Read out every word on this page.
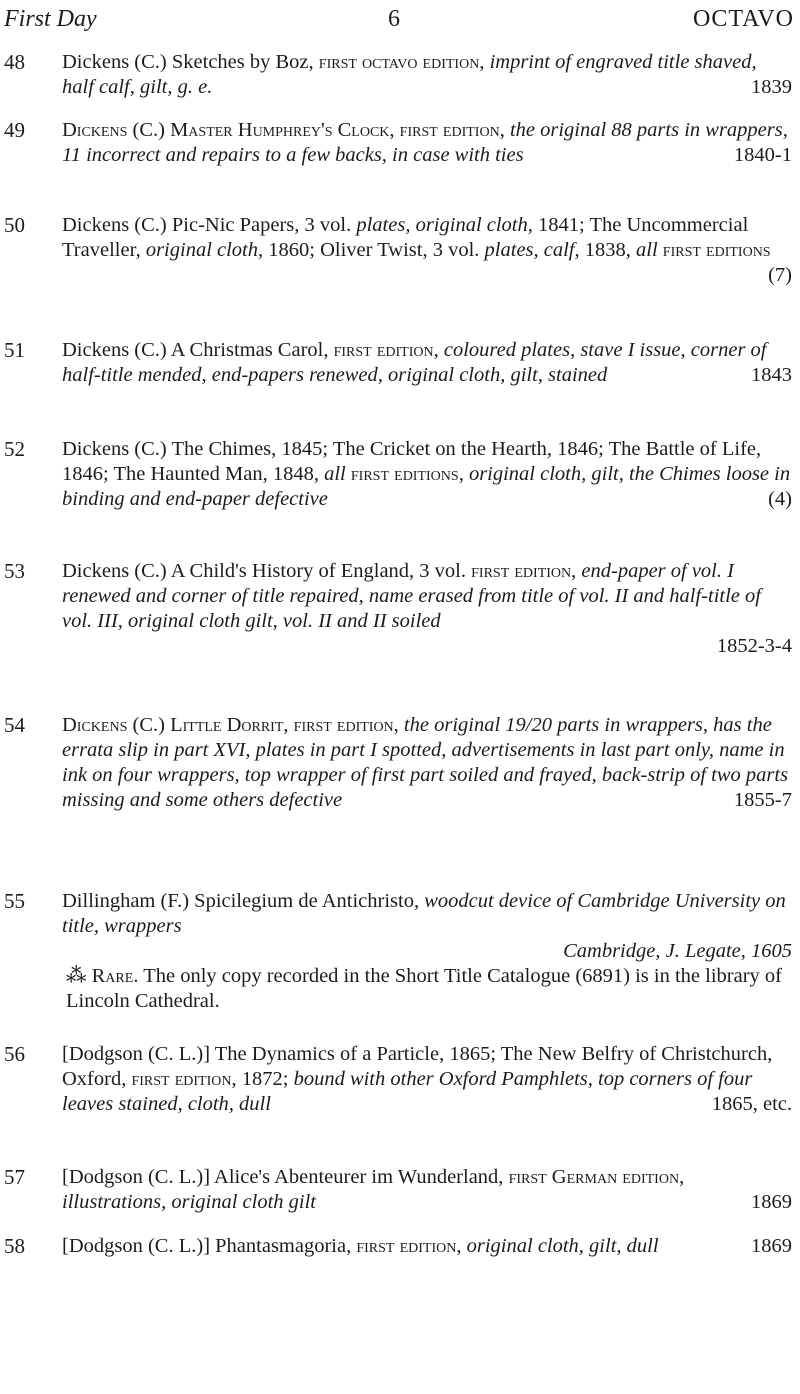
First Day	6	OCTAVO
48 Dickens (C.) Sketches by Boz, first octavo edition, imprint of engraved title shaved, half calf, gilt, g. e.	1839

49 Dickens (C.) Master Humphrey's Clock, first edition, the original 88 parts in wrappers, 11 incorrect and repairs to a few backs, in case with ties	1840-1

50 Dickens (C.) Pic-Nic Papers, 3 vol. plates, original cloth, 1841; The Uncommercial Traveller, original cloth, 1860; Oliver Twist, 3 vol. plates, calf, 1838, all first editions

(7)

51 Dickens (C.) A Christmas Carol, first edition, coloured plates, stave I issue, corner of half-title mended, end-papers renewed, original cloth, gilt, stained	1843

52 Dickens (C.) The Chimes, 1845; The Cricket on the Hearth, 1846; The Battle of Life, 1846; The Haunted Man, 1848, all first editions, original cloth, gilt, the Chimes loose in binding and end-paper defective	(4)

53 Dickens (C.) A Child's History of England, 3 vol. first edition, end-paper of vol. I renewed and corner of title repaired, name erased from title of vol. II and half-title of vol. III, original cloth gilt, vol. II and II soiled

1852-3-4

54 Dickens (C.) Little Dorrit, first edition, the original 19/20 parts in wrappers, has the errata slip in part XVI, plates in part I spotted, advertisements in last part only, name in ink on four wrappers, top wrapper of first part soiled and frayed, back-strip of two parts missing and some others defective	1855-7

55 Dillingham (F.) Spicilegium de Antichristo, woodcut device of Cambridge University on title, wrappers

Cambridge, J. Legate, 1605

⁂ Rare. The only copy recorded in the Short Title Catalogue (6891) is in the library of Lincoln Cathedral.

56 [Dodgson (C. L.)] The Dynamics of a Particle, 1865; The New Belfry of Christchurch, Oxford, first edition, 1872; bound with other Oxford Pamphlets, top corners of four leaves stained, cloth, dull	1865, etc.

57 [Dodgson (C. L.)] Alice's Abenteurer im Wunderland, first German edition, illustrations, original cloth gilt	1869

58 [Dodgson (C. L.)] Phantasmagoria, first edition, original cloth, gilt, dull	1869
